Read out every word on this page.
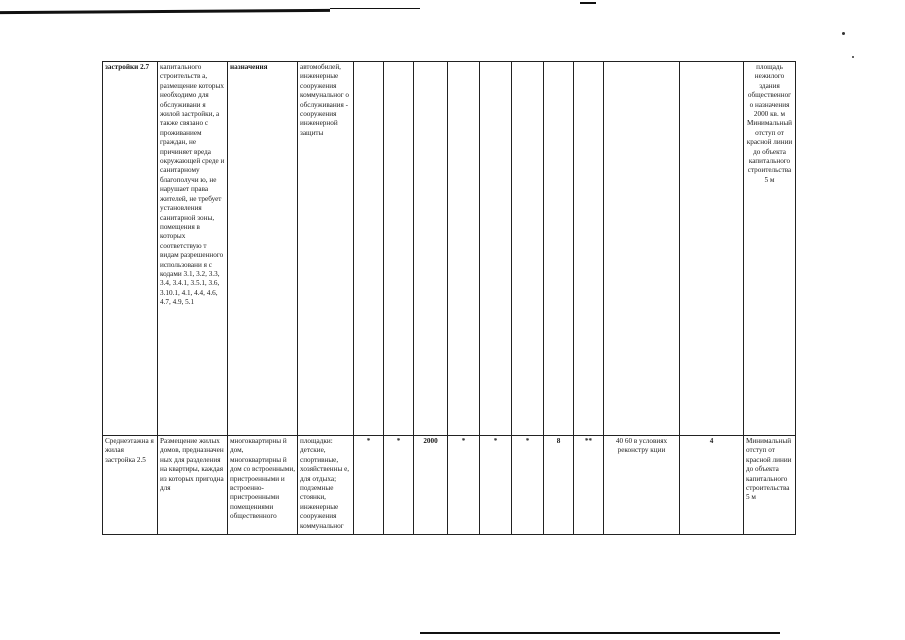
застройки 2.7	капитального строительств а, размещение которых необходимо для обслуживани я жилой застройки, а также связано с проживанием граждан, не причиняет вреда окружающей среде и санитарному благополучи ю, не нарушает права жителей, не требует установления санитарной зоны, помещения в которых соответствую т видам разрешенного использовани я с кодами 3.1, 3.2, 3.3, 3.4, 3.4.1, 3.5.1, 3.6, 3.10.1, 4.1, 4.4, 4.6, 4.7, 4.9, 5.1	назначения	автомобилей, инженерные сооружения коммунальног о обслуживания - сооружения инженерной защиты											площадь нежилого здания общественног о назначения 2000 кв. м Минимальный отступ от красной линии до объекта капитального строительства 5 м

Среднеэтажна я жилая застройка 2.5	Размещение жилых домов, предназначен ных для разделения на квартиры, каждая из которых пригодна для	многоквартирны й дом, многоквартирны й дом со встроенными, пристроенными и встроенно-пристроенными помещениями общественного	площадки: детские, спортивные, хозяйственны е, для отдыха; подземные стоянки, инженерные сооружения коммунальног	*	*	2000	*	*	*	8	**	40 60 в условиях реконстру кции	4	Минимальный отступ от красной линии до объекта капитального строительства 5 м
